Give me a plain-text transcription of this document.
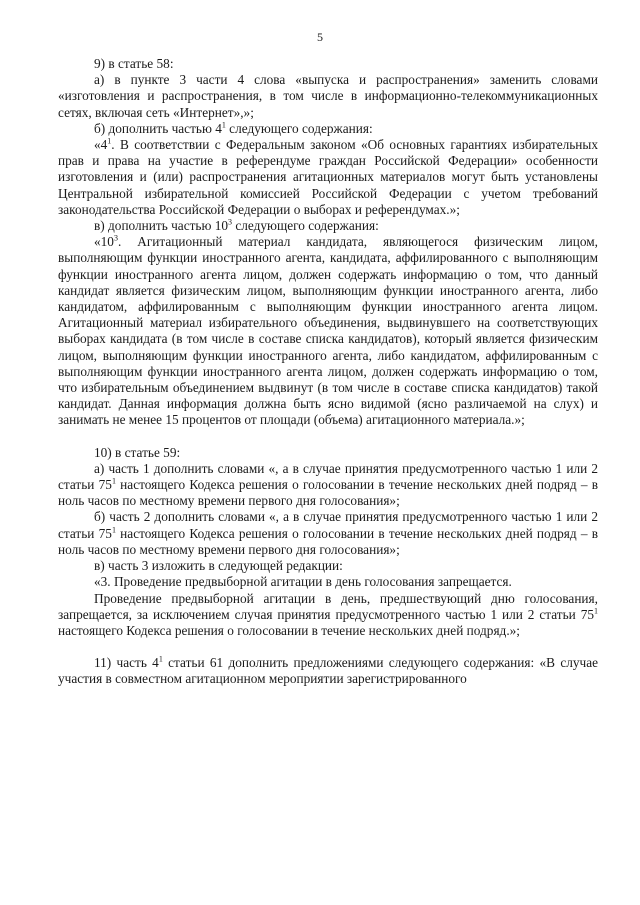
5

9) в статье 58:

а) в пункте 3 части 4 слова «выпуска и распространения» заменить словами «изготовления и распространения, в том числе в информационно-телекоммуникационных сетях, включая сеть «Интернет»,»;

б) дополнить частью $4^1$ следующего содержания:

«$4^1$. В соответствии с Федеральным законом «Об основных гарантиях избирательных прав и права на участие в референдуме граждан Российской Федерации» особенности изготовления и (или) распространения агитационных материалов могут быть установлены Центральной избирательной комиссией Российской Федерации с учетом требований законодательства Российской Федерации о выборах и референдумах.»;

в) дополнить частью $10^3$ следующего содержания:

«$10^3$. Агитационный материал кандидата, являющегося физическим лицом, выполняющим функции иностранного агента, кандидата, аффилированного с выполняющим функции иностранного агента лицом, должен содержать информацию о том, что данный кандидат является физическим лицом, выполняющим функции иностранного агента, либо кандидатом, аффилированным с выполняющим функции иностранного агента лицом. Агитационный материал избирательного объединения, выдвинувшего на соответствующих выборах кандидата (в том числе в составе списка кандидатов), который является физическим лицом, выполняющим функции иностранного агента, либо кандидатом, аффилированным с выполняющим функции иностранного агента лицом, должен содержать информацию о том, что избирательным объединением выдвинут (в том числе в составе списка кандидатов) такой кандидат. Данная информация должна быть ясно видимой (ясно различаемой на слух) и занимать не менее 15 процентов от площади (объема) агитационного материала.»;

10) в статье 59:

а) часть 1 дополнить словами «, а в случае принятия предусмотренного частью 1 или 2 статьи $75^1$ настоящего Кодекса решения о голосовании в течение нескольких дней подряд – в ноль часов по местному времени первого дня голосования»;

б) часть 2 дополнить словами «, а в случае принятия предусмотренного частью 1 или 2 статьи $75^1$ настоящего Кодекса решения о голосовании в течение нескольких дней подряд – в ноль часов по местному времени первого дня голосования»;

в) часть 3 изложить в следующей редакции:

«3. Проведение предвыборной агитации в день голосования запрещается.

Проведение предвыборной агитации в день, предшествующий дню голосования, запрещается, за исключением случая принятия предусмотренного частью 1 или 2 статьи $75^1$ настоящего Кодекса решения о голосовании в течение нескольких дней подряд.»;

11) часть $4^1$ статьи 61 дополнить предложениями следующего содержания: «В случае участия в совместном агитационном мероприятии зарегистрированного
